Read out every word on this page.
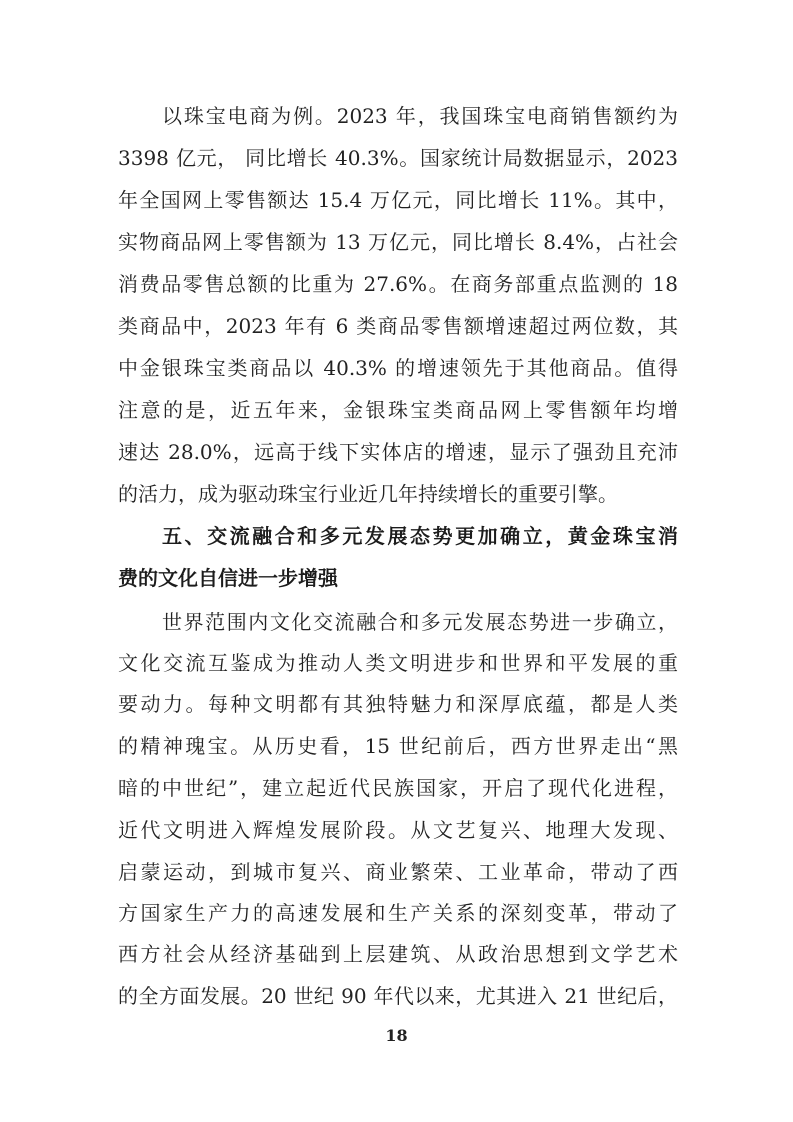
以珠宝电商为例。2023 年，我国珠宝电商销售额约为
3398 亿元， 同比增长 40.3%。国家统计局数据显示，2023
年全国网上零售额达 15.4 万亿元，同比增长 11%。其中，
实物商品网上零售额为 13 万亿元，同比增长 8.4%，占社会
消费品零售总额的比重为 27.6%。在商务部重点监测的 18
类商品中，2023 年有 6 类商品零售额增速超过两位数，其
中金银珠宝类商品以 40.3% 的增速领先于其他商品。值得
注意的是，近五年来，金银珠宝类商品网上零售额年均增
速达 28.0%，远高于线下实体店的增速，显示了强劲且充沛
的活力，成为驱动珠宝行业近几年持续增长的重要引擎。
五、交流融合和多元发展态势更加确立，黄金珠宝消
费的文化自信进一步增强
世界范围内文化交流融合和多元发展态势进一步确立，
文化交流互鉴成为推动人类文明进步和世界和平发展的重
要动力。每种文明都有其独特魅力和深厚底蕴，都是人类
的精神瑰宝。从历史看，15 世纪前后，西方世界走出“黑
暗的中世纪”，建立起近代民族国家，开启了现代化进程，
近代文明进入辉煌发展阶段。从文艺复兴、地理大发现、
启蒙运动，到城市复兴、商业繁荣、工业革命，带动了西
方国家生产力的高速发展和生产关系的深刻变革，带动了
西方社会从经济基础到上层建筑、从政治思想到文学艺术
的全方面发展。20 世纪 90 年代以来，尤其进入 21 世纪后，
18
